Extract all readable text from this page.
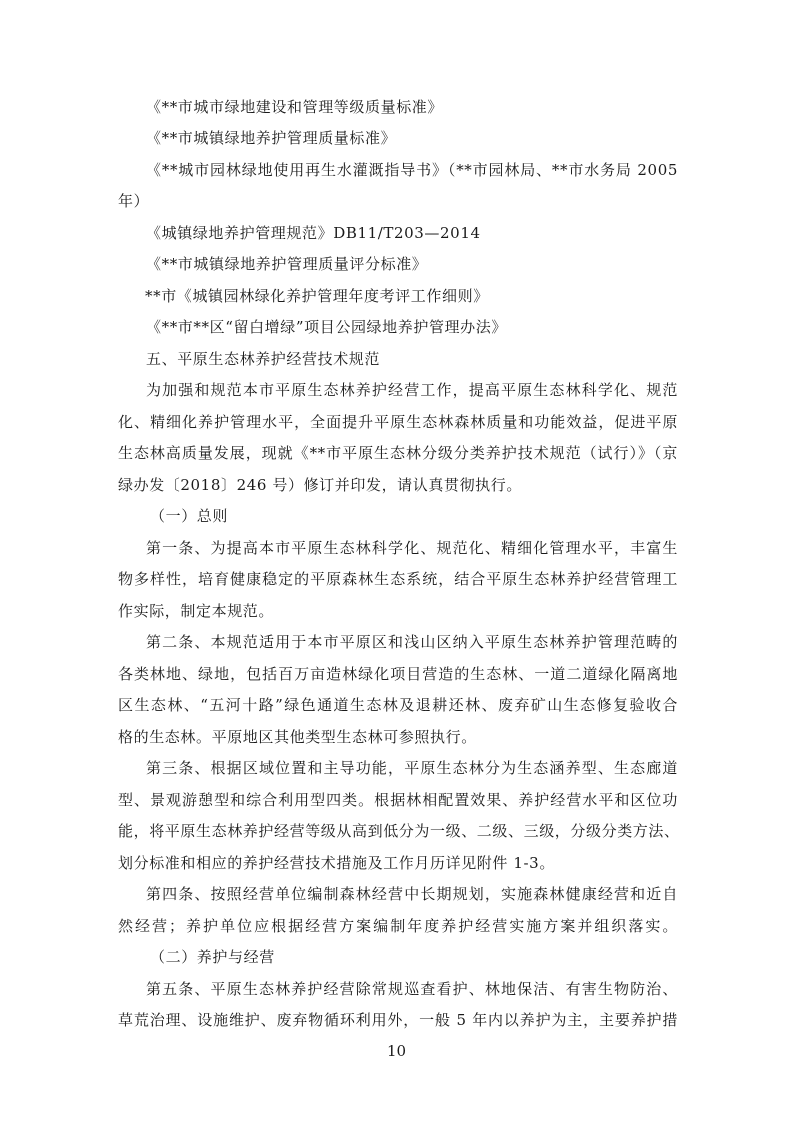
《**市城市绿地建设和管理等级质量标准》
《**市城镇绿地养护管理质量标准》
《**城市园林绿地使用再生水灌溉指导书》（**市园林局、**市水务局 2005
年）
《城镇绿地养护管理规范》DB11/T203—2014
《**市城镇绿地养护管理质量评分标准》
**市《城镇园林绿化养护管理年度考评工作细则》
《**市**区“留白增绿”项目公园绿地养护管理办法》
五、平原生态林养护经营技术规范
为加强和规范本市平原生态林养护经营工作，提高平原生态林科学化、规范
化、精细化养护管理水平，全面提升平原生态林森林质量和功能效益，促进平原
生态林高质量发展，现就《**市平原生态林分级分类养护技术规范（试行）》（京
绿办发〔2018〕246 号）修订并印发，请认真贯彻执行。
（一）总则
第一条、为提高本市平原生态林科学化、规范化、精细化管理水平，丰富生
物多样性，培育健康稳定的平原森林生态系统，结合平原生态林养护经营管理工
作实际，制定本规范。
第二条、本规范适用于本市平原区和浅山区纳入平原生态林养护管理范畴的
各类林地、绿地，包括百万亩造林绿化项目营造的生态林、一道二道绿化隔离地
区生态林、“五河十路”绿色通道生态林及退耕还林、废弃矿山生态修复验收合
格的生态林。平原地区其他类型生态林可参照执行。
第三条、根据区域位置和主导功能，平原生态林分为生态涵养型、生态廊道
型、景观游憩型和综合利用型四类。根据林相配置效果、养护经营水平和区位功
能，将平原生态林养护经营等级从高到低分为一级、二级、三级，分级分类方法、
划分标准和相应的养护经营技术措施及工作月历详见附件 1-3。
第四条、按照经营单位编制森林经营中长期规划，实施森林健康经营和近自
然经营；养护单位应根据经营方案编制年度养护经营实施方案并组织落实。
（二）养护与经营
第五条、平原生态林养护经营除常规巡查看护、林地保洁、有害生物防治、
草荒治理、设施维护、废弃物循环利用外，一般 5 年内以养护为主，主要养护措
10
